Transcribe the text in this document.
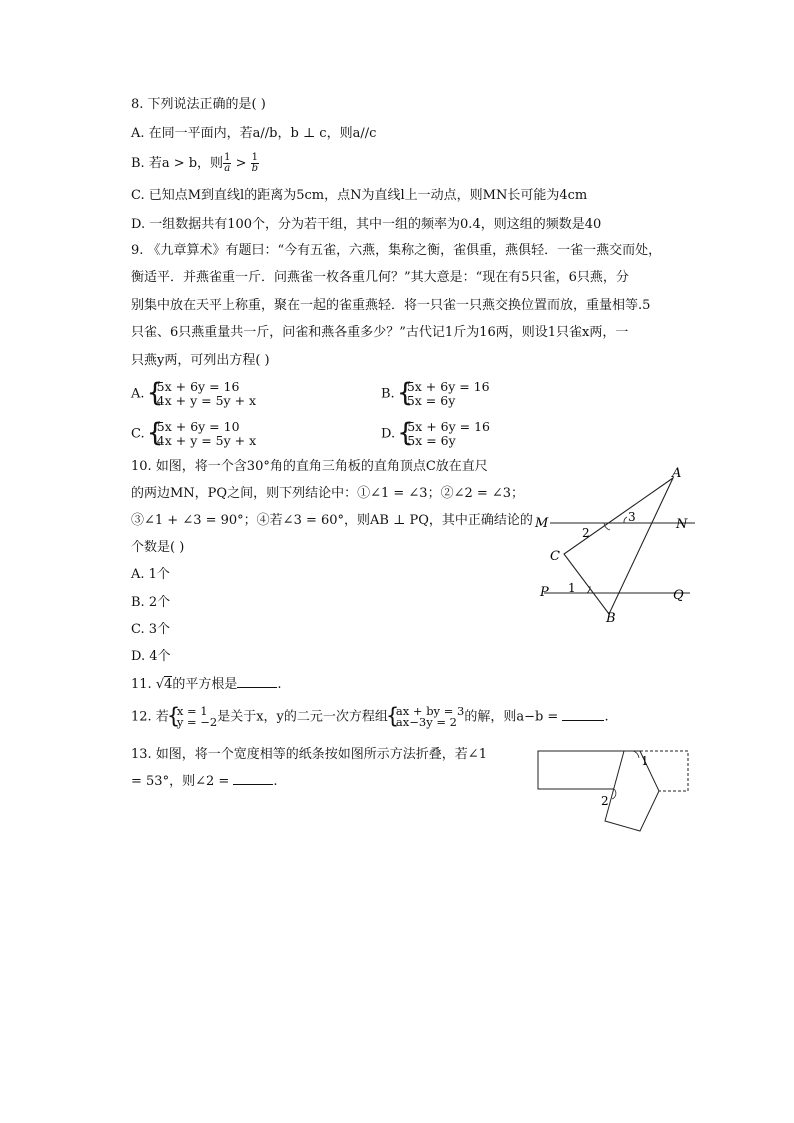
8. 下列说法正确的是( )
A. 在同一平面内，若a//b，b ⊥ c，则a//c
B. 若a > b，则 $\frac{1}{a} > \frac{1}{b}$
C. 已知点M到直线l的距离为5cm，点N为直线l上一动点，则MN长可能为4cm
D. 一组数据共有100个，分为若干组，其中一组的频率为0.4，则这组的频数是40
9. 《九章算术》有题曰：“今有五雀，六燕，集称之衡，雀俱重，燕俱轻．一雀一燕交而处，
衡适平．并燕雀重一斤．问燕雀一枚各重几何？”其大意是：“现在有5只雀，6只燕，分
别集中放在天平上称重，聚在一起的雀重燕轻．将一只雀一只燕交换位置而放，重量相等.5
只雀、6只燕重量共一斤，问雀和燕各重多少？”古代记1斤为16两，则设1只雀x两，一
只燕y两，可列出方程( )
A. { 5x + 6y = 16
4x + y = 5y + x	B. { 5x + 6y = 16
5x = 6y
C. { 5x + 6y = 10
4x + y = 5y + x	D. { 5x + 6y = 16
5x = 6y
10. 如图，将一个含30°角的直角三角板的直角顶点C放在直尺
的两边MN，PQ之间，则下列结论中：①∠1 = ∠3；②∠2 = ∠3；
③∠1 + ∠3 = 90°；④若∠3 = 60°，则AB ⊥ PQ，其中正确结论的
个数是( )
A. 1个
B. 2个
C. 3个
D. 4个
A
M	N
C
P	Q
B
1
2
3
11. √4的平方根是	.
12. 若 { x = 1
y = −2 是关于x，y的二元一次方程组 { ax + by = 3
ax−3y = 2 的解，则a−b =	.
13. 如图，将一个宽度相等的纸条按如图所示方法折叠，若∠1
= 53°，则∠2 =	.
1
2
